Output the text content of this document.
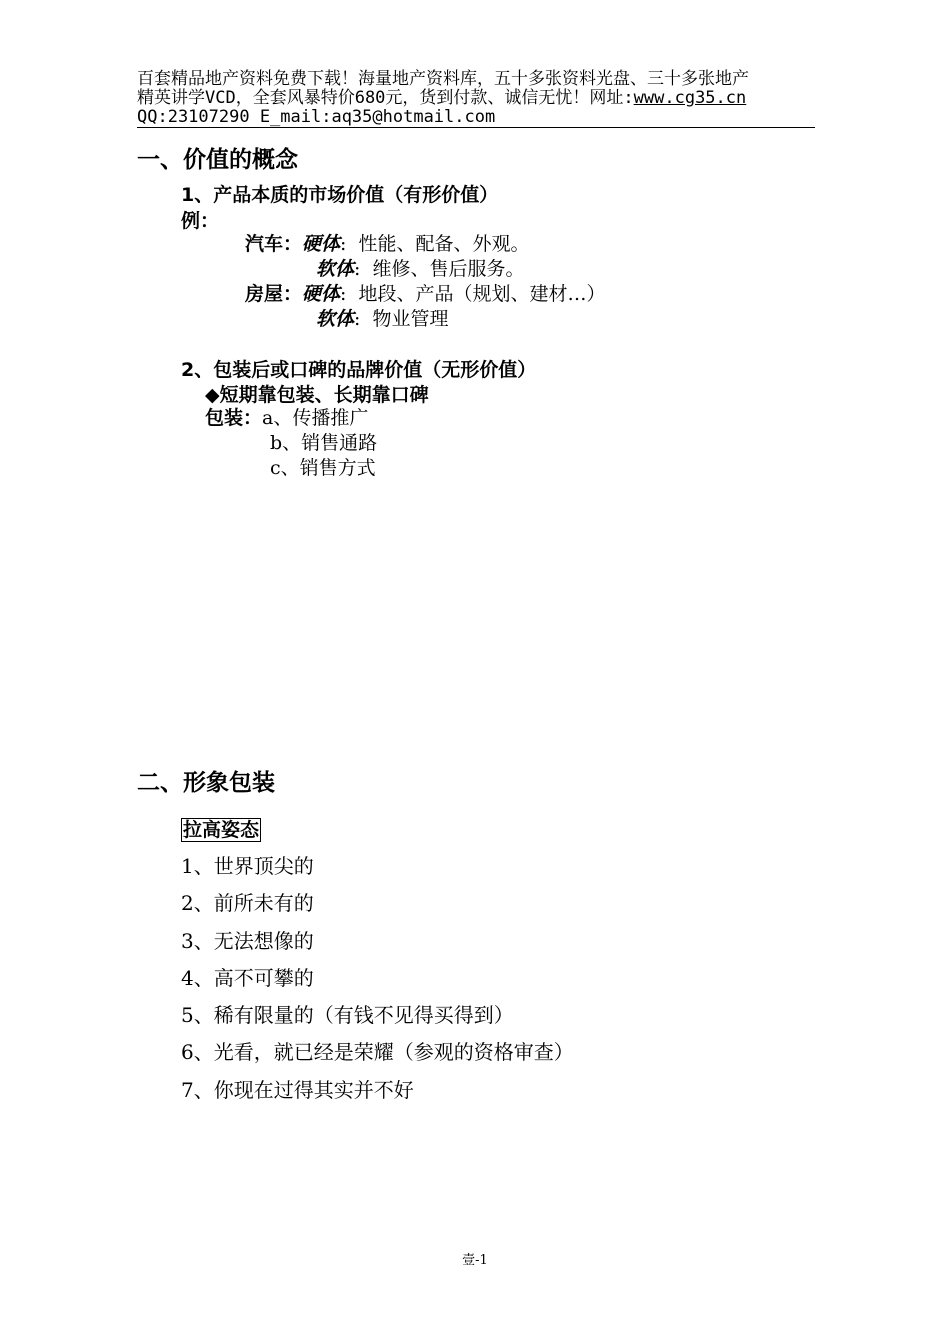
百套精品地产资料免费下载！海量地产资料库，五十多张资料光盘、三十多张地产
精英讲学VCD，全套风暴特价680元，货到付款、诚信无忧！网址:www.cg35.cn
QQ:23107290 E_mail:aq35@hotmail.com
一、价值的概念
1、产品本质的市场价值（有形价值）
例：
汽车：硬体: 性能、配备、外观。
软体: 维修、售后服务。
房屋：硬体: 地段、产品（规划、建材…）
软体: 物业管理
2、包装后或口碑的品牌价值（无形价值）
◆短期靠包装、长期靠口碑
包装：a、传播推广
b、销售通路
c、销售方式
二、形象包装
拉高姿态
1、世界顶尖的
2、前所未有的
3、无法想像的
4、高不可攀的
5、稀有限量的（有钱不见得买得到）
6、光看，就已经是荣耀（参观的资格审查）
7、你现在过得其实并不好
壹-1
